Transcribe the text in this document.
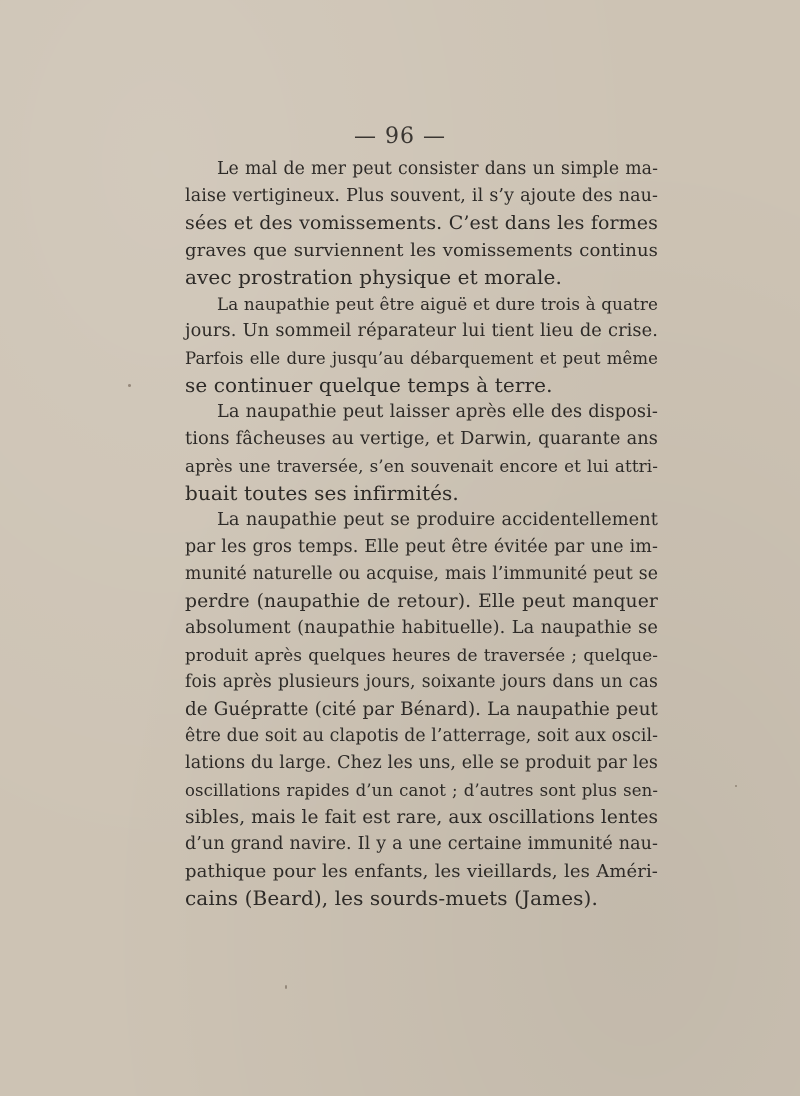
— 96 —
Le mal de mer peut consister dans un simple ma-
laise vertigineux. Plus souvent, il s’y ajoute des nau-
sées et des vomissements. C’est dans les formes
graves que surviennent les vomissements continus
avec prostration physique et morale.
La naupathie peut être aiguë et dure trois à quatre
jours. Un sommeil réparateur lui tient lieu de crise.
Parfois elle dure jusqu’au débarquement et peut même
se continuer quelque temps à terre.
La naupathie peut laisser après elle des disposi-
tions fâcheuses au vertige, et Darwin, quarante ans
après une traversée, s’en souvenait encore et lui attri-
buait toutes ses infirmités.
La naupathie peut se produire accidentellement
par les gros temps. Elle peut être évitée par une im-
munité naturelle ou acquise, mais l’immunité peut se
perdre (naupathie de retour). Elle peut manquer
absolument (naupathie habituelle). La naupathie se
produit après quelques heures de traversée ; quelque-
fois après plusieurs jours, soixante jours dans un cas
de Guépratte (cité par Bénard). La naupathie peut
être due soit au clapotis de l’atterrage, soit aux oscil-
lations du large. Chez les uns, elle se produit par les
oscillations rapides d’un canot ; d’autres sont plus sen-
sibles, mais le fait est rare, aux oscillations lentes
d’un grand navire. Il y a une certaine immunité nau-
pathique pour les enfants, les vieillards, les Améri-
cains (Beard), les sourds-muets (James).
